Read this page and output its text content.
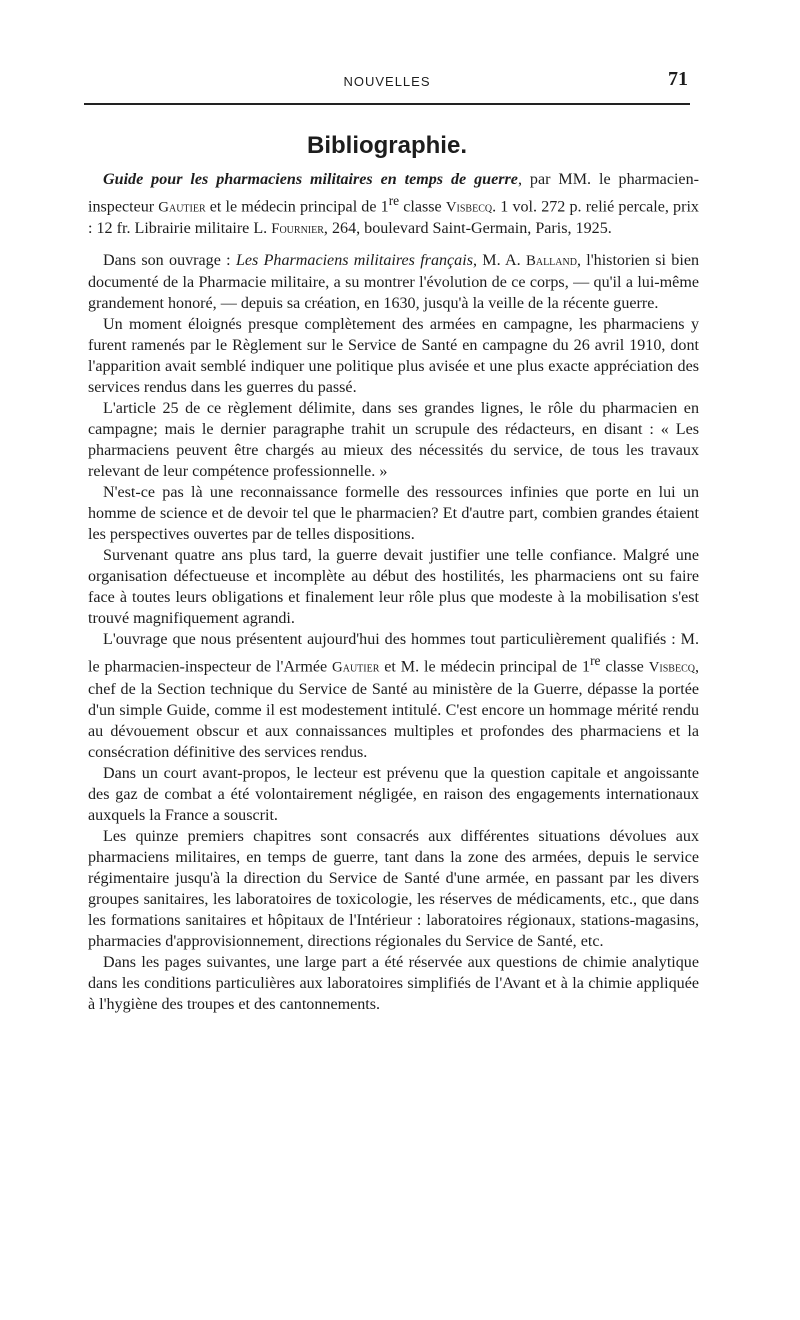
NOUVELLES	71
Bibliographie.

Guide pour les pharmaciens militaires en temps de guerre, par MM. le pharmacien-inspecteur Gautier et le médecin principal de 1re classe Visbecq. 1 vol. 272 p. relié percale, prix : 12 fr. Librairie militaire L. Fournier, 264, boulevard Saint-Germain, Paris, 1925.

Dans son ouvrage : Les Pharmaciens militaires français, M. A. Balland, l'historien si bien documenté de la Pharmacie militaire, a su montrer l'évolution de ce corps, — qu'il a lui-même grandement honoré, — depuis sa création, en 1630, jusqu'à la veille de la récente guerre.

Un moment éloignés presque complètement des armées en campagne, les pharmaciens y furent ramenés par le Règlement sur le Service de Santé en campagne du 26 avril 1910, dont l'apparition avait semblé indiquer une politique plus avisée et une plus exacte appréciation des services rendus dans les guerres du passé.

L'article 25 de ce règlement délimite, dans ses grandes lignes, le rôle du pharmacien en campagne; mais le dernier paragraphe trahit un scrupule des rédacteurs, en disant : « Les pharmaciens peuvent être chargés au mieux des nécessités du service, de tous les travaux relevant de leur compétence professionnelle. »

N'est-ce pas là une reconnaissance formelle des ressources infinies que porte en lui un homme de science et de devoir tel que le pharmacien? Et d'autre part, combien grandes étaient les perspectives ouvertes par de telles dispositions.

Survenant quatre ans plus tard, la guerre devait justifier une telle confiance. Malgré une organisation défectueuse et incomplète au début des hostilités, les pharmaciens ont su faire face à toutes leurs obligations et finalement leur rôle plus que modeste à la mobilisation s'est trouvé magnifiquement agrandi.

L'ouvrage que nous présentent aujourd'hui des hommes tout particulièrement qualifiés : M. le pharmacien-inspecteur de l'Armée Gautier et M. le médecin principal de 1re classe Visbecq, chef de la Section technique du Service de Santé au ministère de la Guerre, dépasse la portée d'un simple Guide, comme il est modestement intitulé. C'est encore un hommage mérité rendu au dévouement obscur et aux connaissances multiples et profondes des pharmaciens et la consécration définitive des services rendus.

Dans un court avant-propos, le lecteur est prévenu que la question capitale et angoissante des gaz de combat a été volontairement négligée, en raison des engagements internationaux auxquels la France a souscrit.

Les quinze premiers chapitres sont consacrés aux différentes situations dévolues aux pharmaciens militaires, en temps de guerre, tant dans la zone des armées, depuis le service régimentaire jusqu'à la direction du Service de Santé d'une armée, en passant par les divers groupes sanitaires, les laboratoires de toxicologie, les réserves de médicaments, etc., que dans les formations sanitaires et hôpitaux de l'Intérieur : laboratoires régionaux, stations-magasins, pharmacies d'approvisionnement, directions régionales du Service de Santé, etc.

Dans les pages suivantes, une large part a été réservée aux questions de chimie analytique dans les conditions particulières aux laboratoires simplifiés de l'Avant et à la chimie appliquée à l'hygiène des troupes et des cantonnements.
